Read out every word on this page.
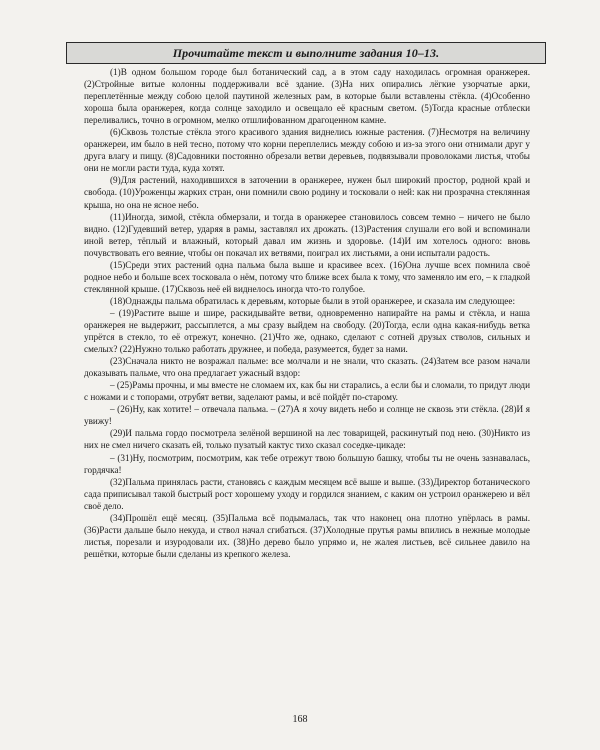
Прочитайте текст и выполните задания 10–13.

(1)В одном большом городе был ботанический сад, а в этом саду находилась огромная оранжерея. (2)Стройные витые колонны поддерживали всё здание. (3)На них опирались лёгкие узорчатые арки, переплетённые между собою целой паутиной железных рам, в которые были вставлены стёкла. (4)Особенно хороша была оранжерея, когда солнце заходило и освещало её красным светом. (5)Тогда красные отблески переливались, точно в огромном, мелко отшлифованном драгоценном камне.

(6)Сквозь толстые стёкла этого красивого здания виднелись южные растения. (7)Несмотря на величину оранжереи, им было в ней тесно, потому что корни переплелись между собою и из-за этого они отнимали друг у друга влагу и пищу. (8)Садовники постоянно обрезали ветви деревьев, подвязывали проволоками листья, чтобы они не могли расти туда, куда хотят.

(9)Для растений, находившихся в заточении в оранжерее, нужен был широкий простор, родной край и свобода. (10)Уроженцы жарких стран, они помнили свою родину и тосковали о ней: как ни прозрачна стеклянная крыша, но она не ясное небо.

(11)Иногда, зимой, стёкла обмерзали, и тогда в оранжерее становилось совсем темно – ничего не было видно. (12)Гудевший ветер, ударяя в рамы, заставлял их дрожать. (13)Растения слушали его вой и вспоминали иной ветер, тёплый и влажный, который давал им жизнь и здоровье. (14)И им хотелось одного: вновь почувствовать его веяние, чтобы он покачал их ветвями, поиграл их листьями, а они испытали радость.

(15)Среди этих растений одна пальма была выше и красивее всех. (16)Она лучше всех помнила своё родное небо и больше всех тосковала о нём, потому что ближе всех была к тому, что заменяло им его, – к гладкой стеклянной крыше. (17)Сквозь неё ей виднелось иногда что-то голубое.

(18)Однажды пальма обратилась к деревьям, которые были в этой оранжерее, и сказала им следующее:

– (19)Растите выше и шире, раскидывайте ветви, одновременно напирайте на рамы и стёкла, и наша оранжерея не выдержит, рассыплется, а мы сразу выйдем на свободу. (20)Тогда, если одна какая-нибудь ветка упрётся в стекло, то её отрежут, конечно. (21)Что же, однако, сделают с сотней друзых стволов, сильных и смелых? (22)Нужно только работать дружнее, и победа, разумеется, будет за нами.

(23)Сначала никто не возражал пальме: все молчали и не знали, что сказать. (24)Затем все разом начали доказывать пальме, что она предлагает ужасный вздор:

– (25)Рамы прочны, и мы вместе не сломаем их, как бы ни старались, а если бы и сломали, то придут люди с ножами и с топорами, отрубят ветви, заделают рамы, и всё пойдёт по-старому.

– (26)Ну, как хотите! – отвечала пальма. – (27)А я хочу видеть небо и солнце не сквозь эти стёкла. (28)И я увижу!

(29)И пальма гордо посмотрела зелёной вершиной на лес товарищей, раскинутый под нею. (30)Никто из них не смел ничего сказать ей, только пузатый кактус тихо сказал соседке-цикаде:

– (31)Ну, посмотрим, посмотрим, как тебе отрежут твою большую башку, чтобы ты не очень зазнавалась, гордячка!

(32)Пальма принялась расти, становясь с каждым месяцем всё выше и выше. (33)Директор ботанического сада приписывал такой быстрый рост хорошему уходу и гордился знанием, с каким он устроил оранжерею и вёл своё дело.

(34)Прошёл ещё месяц. (35)Пальма всё подымалась, так что наконец она плотно упёрлась в рамы. (36)Расти дальше было некуда, и ствол начал сгибаться. (37)Холодные прутья рамы впились в нежные молодые листья, порезали и изуродовали их. (38)Но дерево было упрямо и, не жалея листьев, всё сильнее давило на решётки, которые были сделаны из крепкого железа.

168
